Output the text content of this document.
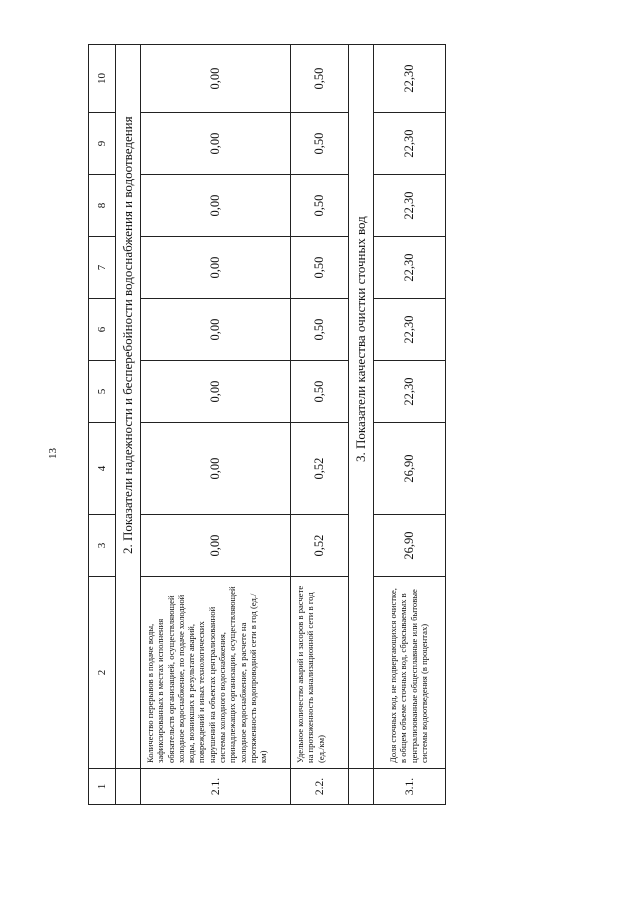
13
1	2	3	4	5	6	7	8	9	10
	2. Показатели надежности и бесперебойности водоснабжения и водоотведения								
2.1.	Количество перерывов в подаче воды, зафиксированных в местах исполнения обязательств организацией, осуществляющей холодное водоснабжение, по подаче холодной воды, возникших в результате аварий, повреждений и иных технологических нарушений на объектах централизованной системы холодного водоснабжения, принадлежащих организации, осуществляющей холодное водоснабжение, в расчете на протяженность водопроводной сети в год (ед./км)	0,00	0,00	0,00	0,00	0,00	0,00	0,00	0,00
2.2.	Удельное количество аварий и засоров в расчете на протяженность канализационной сети в год (ед./км)	0,52	0,52	0,50	0,50	0,50	0,50	0,50	0,50
	3. Показатели качества очистки сточных вод								
3.1.	Доля сточных вод, не подвергающихся очистке, в общем объеме сточных вод, сбрасываемых в централизованные общесплавные или бытовые системы водоотведения (в процентах)	26,90	26,90	22,30	22,30	22,30	22,30	22,30	22,30
